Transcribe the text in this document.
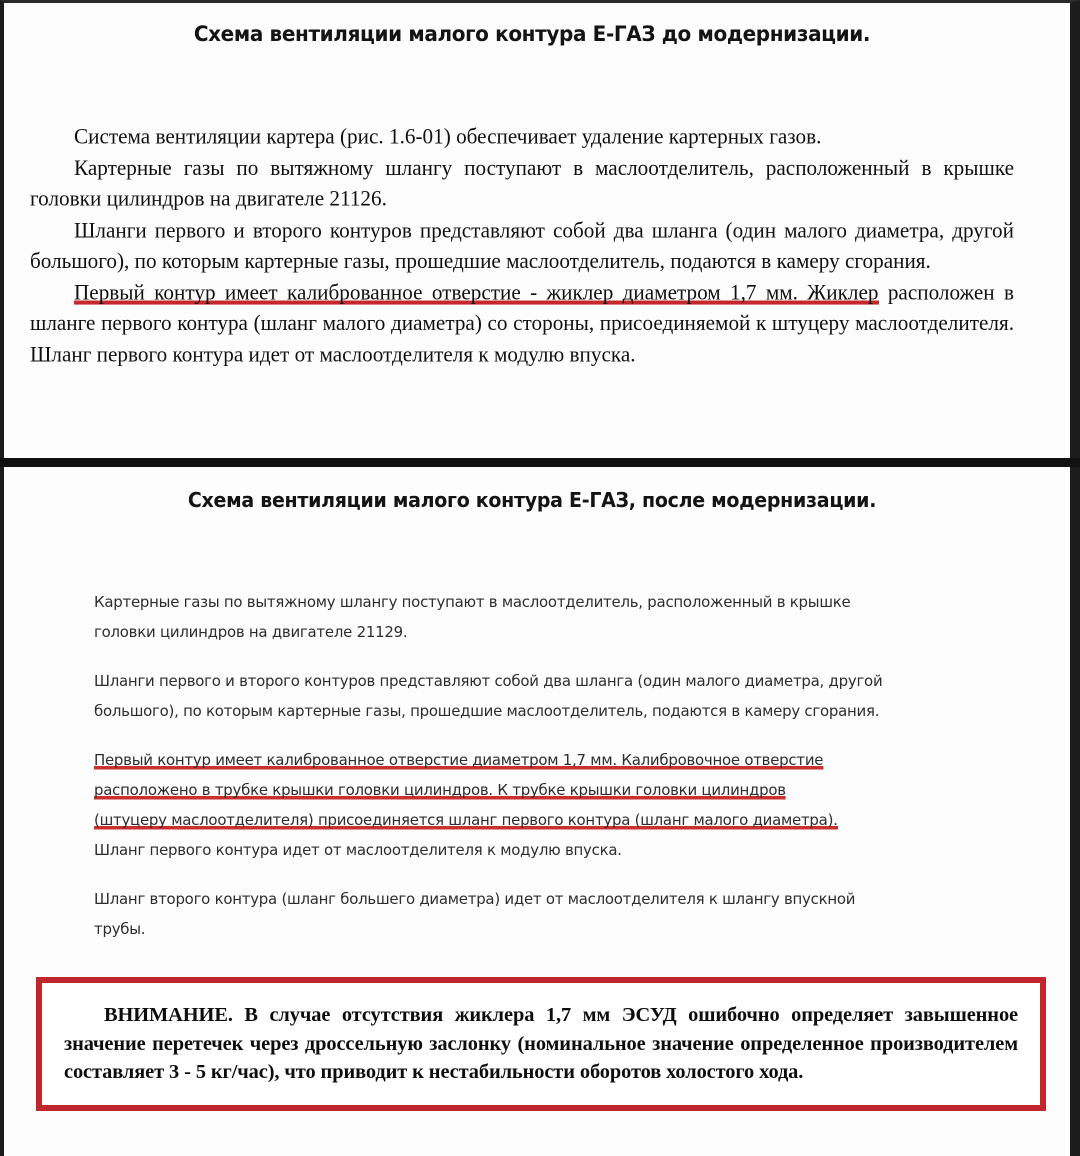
Схема вентиляции малого контура Е-ГАЗ до модернизации.

Система вентиляции картера (рис. 1.6-01) обеспечивает удаление картерных газов.

Картерные газы по вытяжному шлангу поступают в маслоотделитель, расположенный в крышке головки цилиндров на двигателе 21126.

Шланги первого и второго контуров представляют собой два шланга (один малого диаметра, другой большого), по которым картерные газы, прошедшие маслоотделитель, подаются в камеру сгорания.

Первый контур имеет калиброванное отверстие - жиклер диаметром 1,7 мм. Жиклер расположен в шланге первого контура (шланг малого диаметра) со стороны, присоединяемой к штуцеру маслоотделителя. Шланг первого контура идет от маслоотделителя к модулю впуска.

Схема вентиляции малого контура Е-ГАЗ, после модернизации.

Картерные газы по вытяжному шлангу поступают в маслоотделитель, расположенный в крышке головки цилиндров на двигателе 21129.

Шланги первого и второго контуров представляют собой два шланга (один малого диаметра, другой большого), по которым картерные газы, прошедшие маслоотделитель, подаются в камеру сгорания.

Первый контур имеет калиброванное отверстие диаметром 1,7 мм. Калибровочное отверстие
расположено в трубке крышки головки цилиндров. К трубке крышки головки цилиндров
(штуцеру маслоотделителя) присоединяется шланг первого контура (шланг малого диаметра).
Шланг первого контура идет от маслоотделителя к модулю впуска.

Шланг второго контура (шланг большего диаметра) идет от маслоотделителя к шлангу впускной трубы.

ВНИМАНИЕ. В случае отсутствия жиклера 1,7 мм ЭСУД ошибочно определяет завышенное значение перетечек через дроссельную заслонку (номинальное значение определенное производителем составляет 3 - 5 кг/час), что приводит к нестабильности оборотов холостого хода.
